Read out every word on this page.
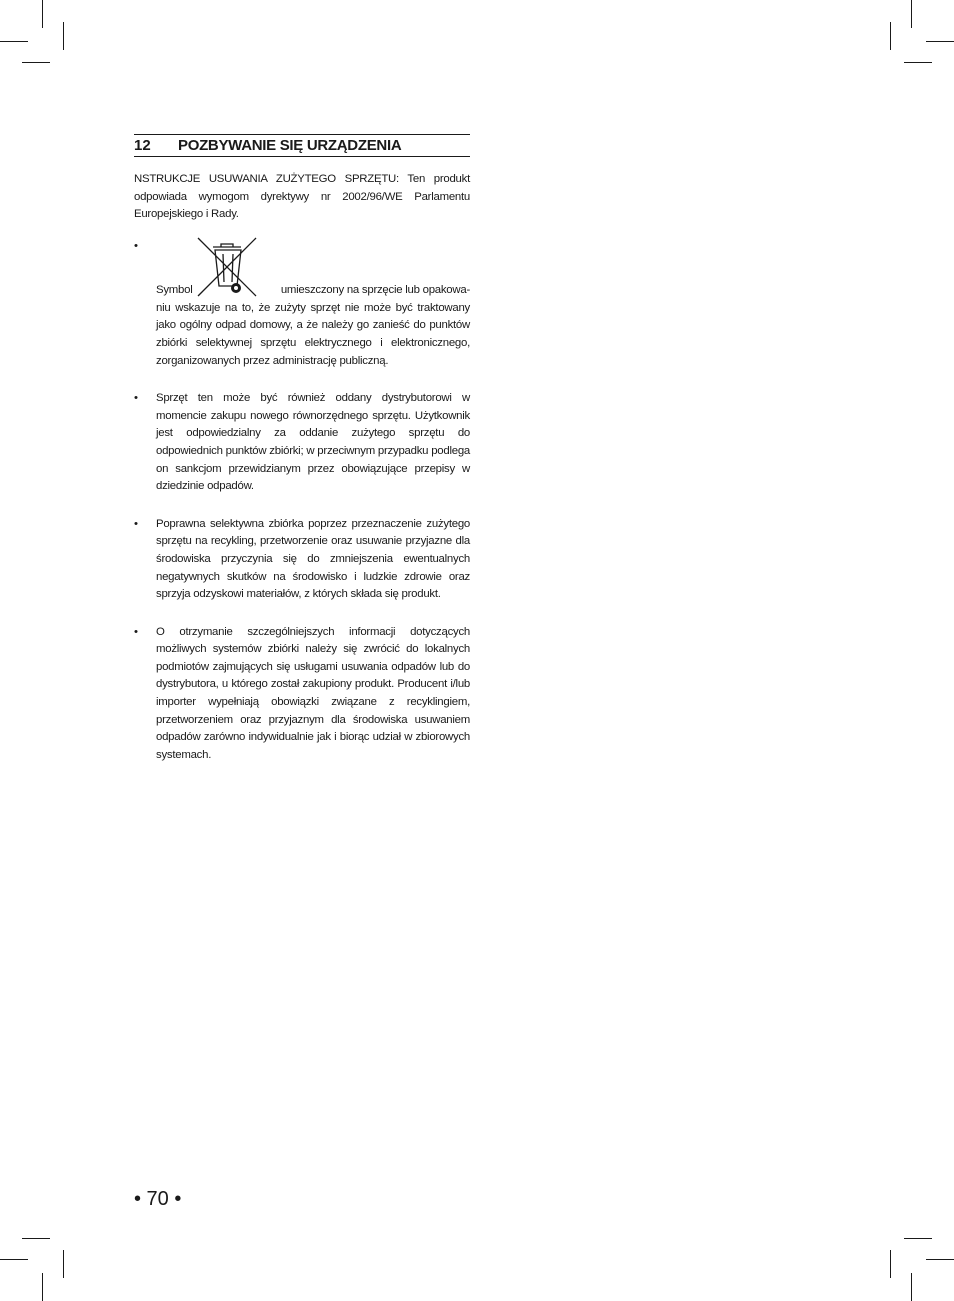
12	POZBYWANIE SIĘ URZĄDZENIA

NSTRUKCJE USUWANIA ZUŻYTEGO SPRZĘTU: Ten produkt odpowiada wymogom dyrektywy nr 2002/96/WE Parlamentu Europejskiego i Rady.

•
Symbol	umieszczony na sprzęcie lub opakowa-
niu wskazuje na to, że zużyty sprzęt nie może być traktowany jako ogólny odpad domowy, a że należy go zanieść do punktów zbiórki selektywnej sprzętu elektrycznego i elektronicznego, zorganizowanych przez administrację publiczną.
• Sprzęt ten może być również oddany dystrybutorowi w momencie zakupu nowego równorzędnego sprzętu. Użytkownik jest odpowiedzialny za oddanie zużytego sprzętu do odpowiednich punktów zbiórki; w przeciwnym przypadku podlega on sankcjom przewidzianym przez obowiązujące przepisy w dziedzinie odpadów.
• Poprawna selektywna zbiórka poprzez przeznaczenie zużytego sprzętu na recykling, przetworzenie oraz usuwanie przyjazne dla środowiska przyczynia się do zmniejszenia ewentualnych negatywnych skutków na środowisko i ludzkie zdrowie oraz sprzyja odzyskowi materiałów, z których składa się produkt.
• O otrzymanie szczególniejszych informacji dotyczących możliwych systemów zbiórki należy się zwrócić do lokalnych podmiotów zajmujących się usługami usuwania odpadów lub do dystrybutora, u którego został zakupiony produkt. Producent i/lub importer wypełniają obowiązki związane z recyklingiem, przetworzeniem oraz przyjaznym dla środowiska usuwaniem odpadów zarówno indywidualnie jak i biorąc udział w zbiorowych systemach.
• 70 •
